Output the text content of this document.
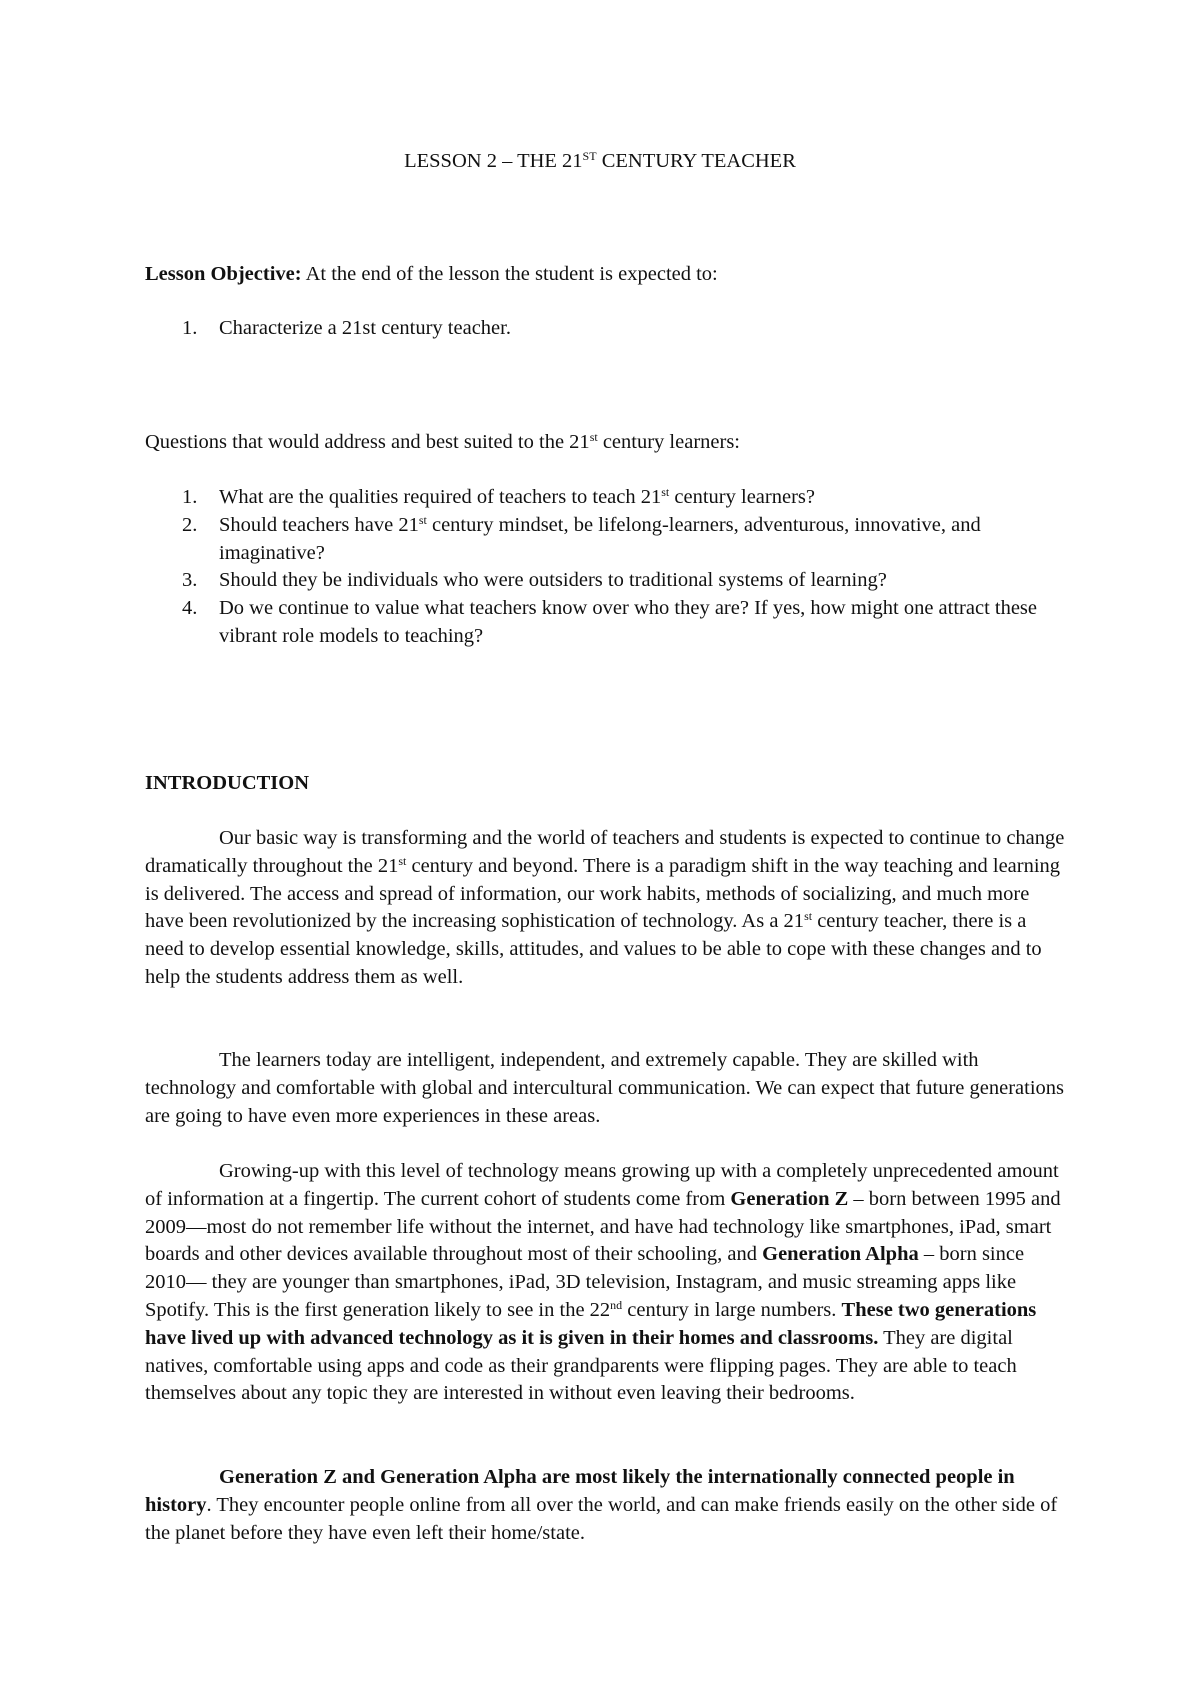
LESSON 2 – THE 21ST CENTURY TEACHER

Lesson Objective: At the end of the lesson the student is expected to:

1. Characterize a 21st century teacher.

Questions that would address and best suited to the 21st century learners:

1. What are the qualities required of teachers to teach 21st century learners?
2. Should teachers have 21st century mindset, be lifelong-learners, adventurous, innovative, and imaginative?
3. Should they be individuals who were outsiders to traditional systems of learning?
4. Do we continue to value what teachers know over who they are? If yes, how might one attract these vibrant role models to teaching?

INTRODUCTION

Our basic way is transforming and the world of teachers and students is expected to continue to change dramatically throughout the 21st century and beyond. There is a paradigm shift in the way teaching and learning is delivered. The access and spread of information, our work habits, methods of socializing, and much more have been revolutionized by the increasing sophistication of technology. As a 21st century teacher, there is a need to develop essential knowledge, skills, attitudes, and values to be able to cope with these changes and to help the students address them as well.

The learners today are intelligent, independent, and extremely capable. They are skilled with technology and comfortable with global and intercultural communication. We can expect that future generations are going to have even more experiences in these areas.

Growing-up with this level of technology means growing up with a completely unprecedented amount of information at a fingertip. The current cohort of students come from Generation Z – born between 1995 and 2009—most do not remember life without the internet, and have had technology like smartphones, iPad, smart boards and other devices available throughout most of their schooling, and Generation Alpha – born since 2010— they are younger than smartphones, iPad, 3D television, Instagram, and music streaming apps like Spotify. This is the first generation likely to see in the 22nd century in large numbers. These two generations have lived up with advanced technology as it is given in their homes and classrooms. They are digital natives, comfortable using apps and code as their grandparents were flipping pages. They are able to teach themselves about any topic they are interested in without even leaving their bedrooms.

Generation Z and Generation Alpha are most likely the internationally connected people in history. They encounter people online from all over the world, and can make friends easily on the other side of the planet before they have even left their home/state.
